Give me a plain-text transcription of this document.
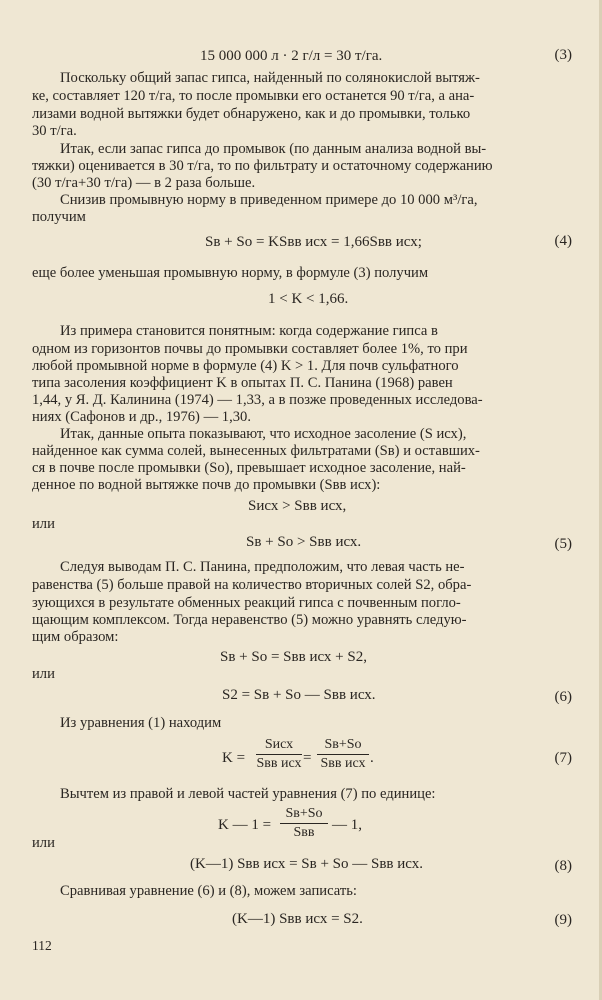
15 000 000 л · 2 г/л = 30 т/га.	(3)
Поскольку общий запас гипса, найденный по солянокислой вытяж-
ке, составляет 120 т/га, то после промывки его останется 90 т/га, а ана-
лизами водной вытяжки будет обнаружено, как и до промывки, только
30 т/га.
Итак, если запас гипса до промывок (по данным анализа водной вы-
тяжки) оценивается в 30 т/га, то по фильтрату и остаточному содержанию
(30 т/га+30 т/га) — в 2 раза больше.
Снизив промывную норму в приведенном примере до 10 000 м³/га,
получим
Sв + Sо = KSвв исх = 1,66Sвв исх;	(4)
еще более уменьшая промывную норму, в формуле (3) получим
1 < K < 1,66.
Из примера становится понятным: когда содержание гипса в
одном из горизонтов почвы до промывки составляет более 1%, то при
любой промывной норме в формуле (4) K > 1. Для почв сульфатного
типа засоления коэффициент K в опытах П. С. Панина (1968) равен
1,44, у Я. Д. Калинина (1974) — 1,33, а в позже проведенных исследова-
ниях (Сафонов и др., 1976) — 1,30.
Итак, данные опыта показывают, что исходное засоление (S исх),
найденное как сумма солей, вынесенных фильтратами (Sв) и оставших-
ся в почве после промывки (Sо), превышает исходное засоление, най-
денное по водной вытяжке почв до промывки (Sвв исх):
Sисх > Sвв исх,
или
Sв + Sо > Sвв исх.	(5)
Следуя выводам П. С. Панина, предположим, что левая часть не-
равенства (5) больше правой на количество вторичных солей S2, обра-
зующихся в результате обменных реакций гипса с почвенным погло-
щающим комплексом. Тогда неравенство (5) можно уравнять следую-
щим образом:
Sв + Sо = Sвв исх + S2,
или
S2 = Sв + Sо — Sвв исх.	(6)
Из уравнения (1) находим
K =
Sисх
Sвв исх =
Sв+Sо
Sвв исх .	(7)
Вычтем из правой и левой частей уравнения (7) по единице:
K — 1 =
Sв+Sо
Sвв	— 1,
или
(K—1) Sвв исх = Sв + Sо — Sвв исх.	(8)
Сравнивая уравнение (6) и (8), можем записать:
(K—1) Sвв исх = S2.	(9)
112
